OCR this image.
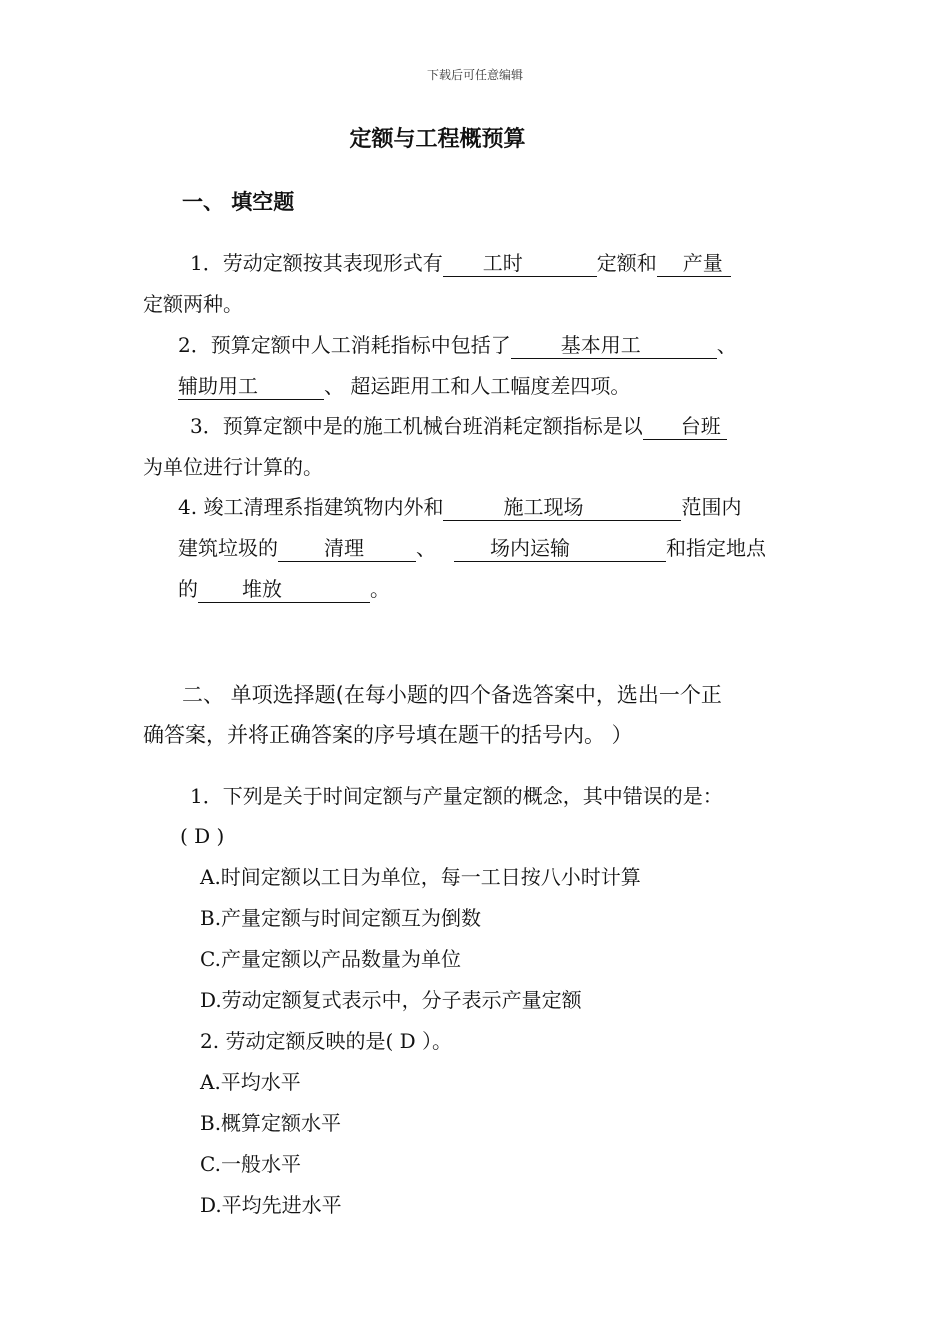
下载后可任意编辑
定额与工程概预算
一、 填空题
1．劳动定额按其表现形式有 工时	定额和 产量
定额两种。
2．预算定额中人工消耗指标中包括了	基本用工	、
辅助用工	、 超运距用工和人工幅度差四项。
3．预算定额中是的施工机械台班消耗定额指标是以 台班
为单位进行计算的。
4. 竣工清理系指建筑物内外和	施工现场	范围内
建筑垃圾的 清理	、	场内运输	和指定地点
的 堆放	。
二、 单项选择题(在每小题的四个备选答案中，选出一个正
确答案，并将正确答案的序号填在题干的括号内。 ）
1．下列是关于时间定额与产量定额的概念，其中错误的是：
( D )
A.时间定额以工日为单位，每一工日按八小时计算
B.产量定额与时间定额互为倒数
C.产量定额以产品数量为单位
D.劳动定额复式表示中，分子表示产量定额
2. 劳动定额反映的是( D ）。
A.平均水平
B.概算定额水平
C.一般水平
D.平均先进水平
